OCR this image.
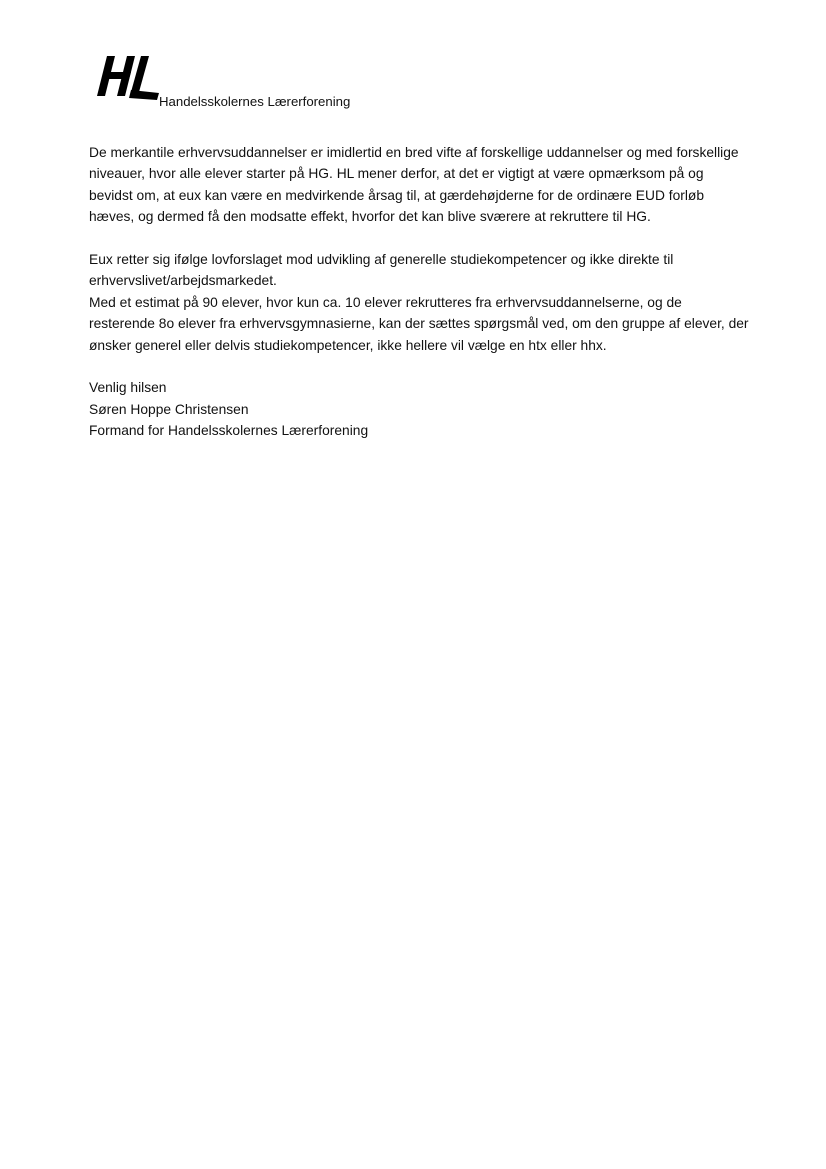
Handelsskolernes Lærerforening

De merkantile erhvervsuddannelser er imidlertid en bred vifte af forskellige uddannelser og med forskellige
niveauer, hvor alle elever starter på HG. HL mener derfor, at det er vigtigt at være opmærksom på og
bevidst om, at eux kan være en medvirkende årsag til, at gærdehøjderne for de ordinære EUD forløb
hæves, og dermed få den modsatte effekt, hvorfor det kan blive sværere at rekruttere til HG.

Eux retter sig ifølge lovforslaget mod udvikling af generelle studiekompetencer og ikke direkte til
erhvervslivet/arbejdsmarkedet.
Med et estimat på 90 elever, hvor kun ca. 10 elever rekrutteres fra erhvervsuddannelserne, og de
resterende 8o elever fra erhvervsgymnasierne, kan der sættes spørgsmål ved, om den gruppe af elever, der
ønsker generel eller delvis studiekompetencer, ikke hellere vil vælge en htx eller hhx.

Venlig hilsen
Søren Hoppe Christensen
Formand for Handelsskolernes Lærerforening
